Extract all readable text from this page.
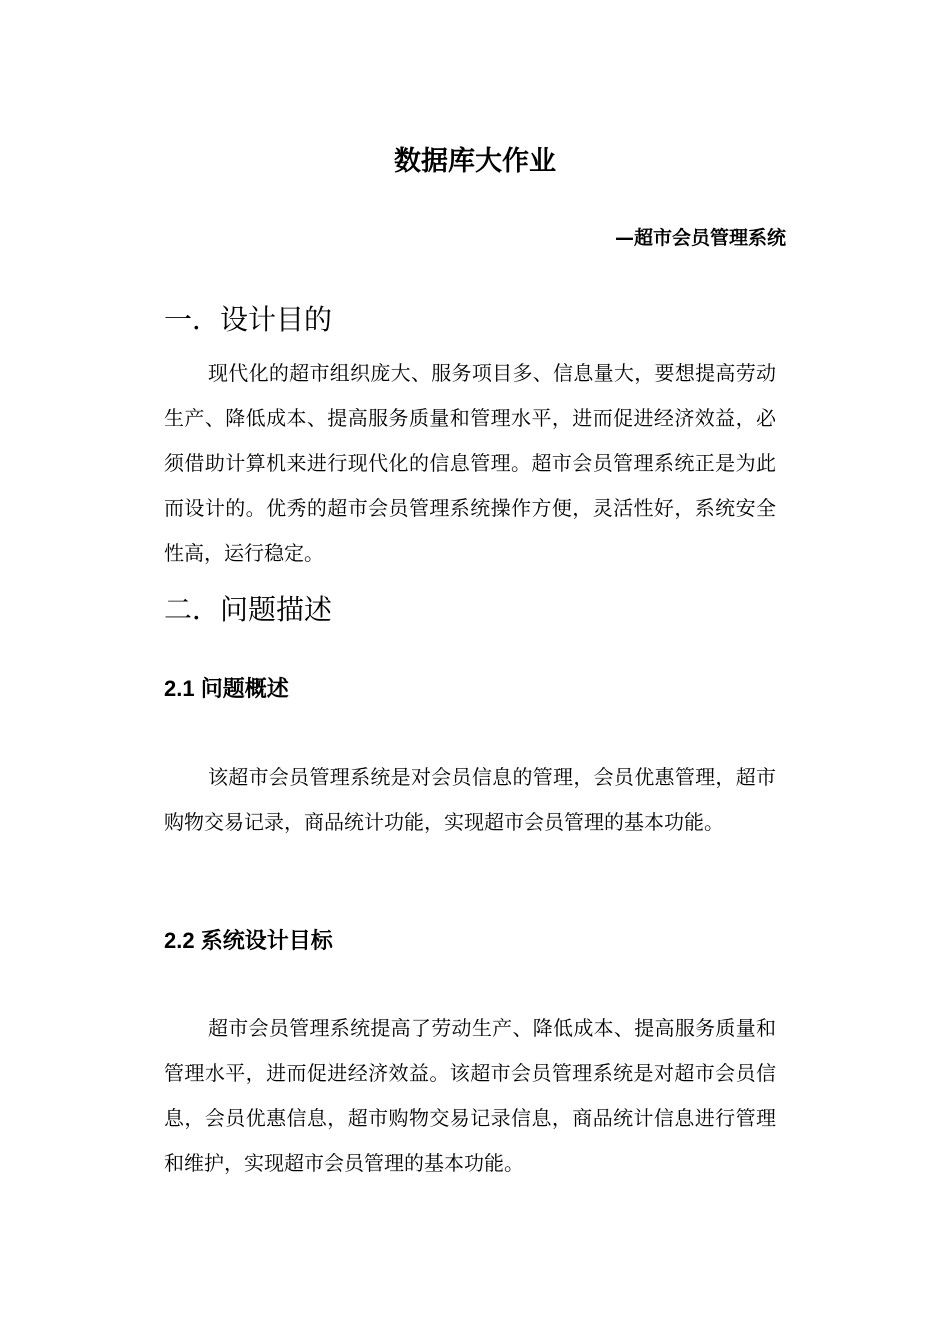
数据库大作业
—超市会员管理系统
一．设计目的

现代化的超市组织庞大、服务项目多、信息量大，要想提高劳动生产、降低成本、提高服务质量和管理水平，进而促进经济效益，必须借助计算机来进行现代化的信息管理。超市会员管理系统正是为此而设计的。优秀的超市会员管理系统操作方便，灵活性好，系统安全性高，运行稳定。

二．问题描述
2.1 问题概述

该超市会员管理系统是对会员信息的管理，会员优惠管理，超市购物交易记录，商品统计功能，实现超市会员管理的基本功能。

2.2 系统设计目标

超市会员管理系统提高了劳动生产、降低成本、提高服务质量和管理水平，进而促进经济效益。该超市会员管理系统是对超市会员信息，会员优惠信息，超市购物交易记录信息，商品统计信息进行管理和维护，实现超市会员管理的基本功能。
